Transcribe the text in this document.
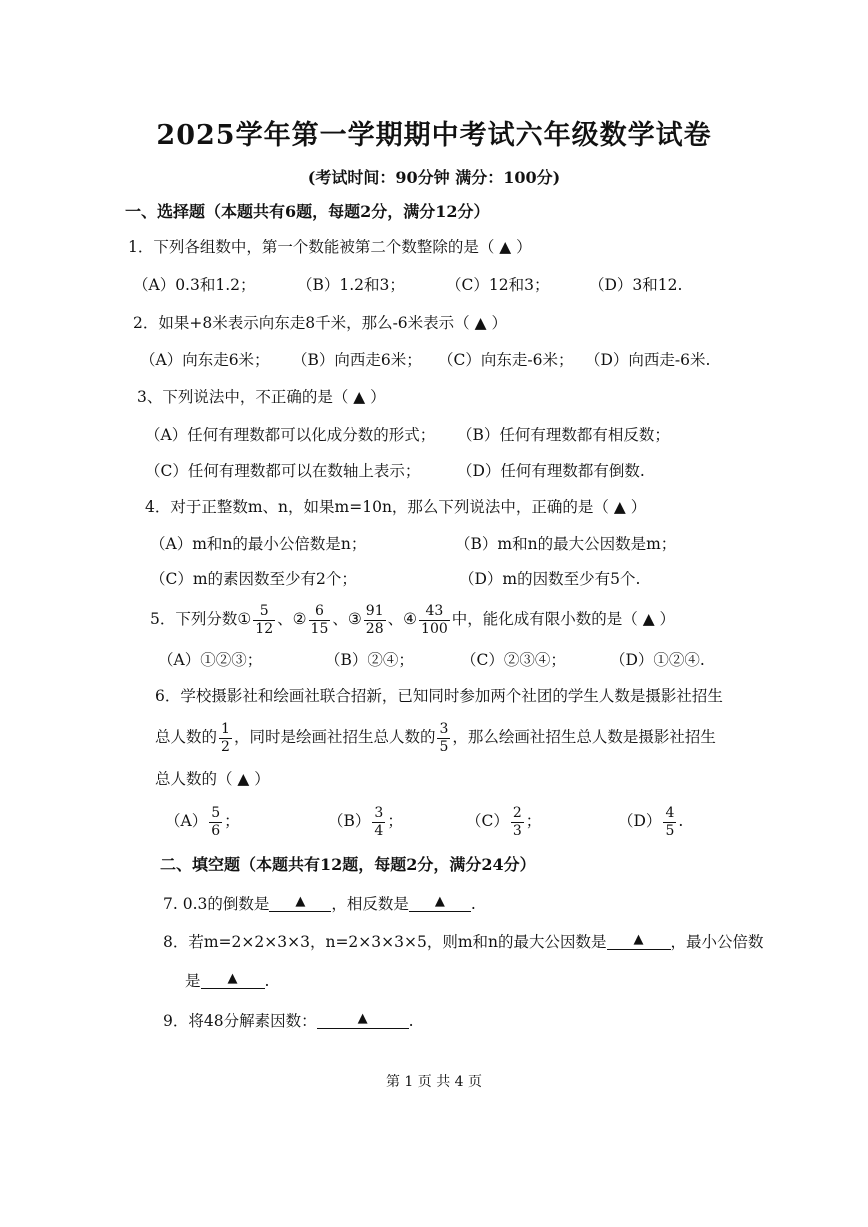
2025学年第一学期期中考试六年级数学试卷
(考试时间：90分钟 满分：100分)
一、选择题（本题共有6题，每题2分，满分12分）
1．下列各组数中，第一个数能被第二个数整除的是（ ▲ ）
（A）0.3和1.2；	（B）1.2和3；	（C）12和3；	（D）3和12.
2．如果+8米表示向东走8千米，那么-6米表示（ ▲ ）
（A）向东走6米； （B）向西走6米； （C）向东走-6米； （D）向西走-6米.
3、下列说法中，不正确的是（ ▲ ）
（A）任何有理数都可以化成分数的形式； （B）任何有理数都有相反数；
（C）任何有理数都可以在数轴上表示； （D）任何有理数都有倒数.
4．对于正整数m、n，如果m=10n，那么下列说法中，正确的是（ ▲ ）
（A）m和n的最小公倍数是n；	（B）m和n的最大公因数是m；
（C）m的素因数至少有2个；	（D）m的因数至少有5个.
5．下列分数 ① $\frac{5}{12}$ 、 ② $\frac{6}{15}$ 、 ③ $\frac{91}{28}$ 、 ④ $\frac{43}{100}$ 中，能化成有限小数的是（ ▲ ）
（A）①②③；	（B）②④；	（C）②③④；	（D）①②④.
6．学校摄影社和绘画社联合招新，已知同时参加两个社团的学生人数是摄影社招生
总人数的 $\frac{1}{2}$ ，同时是绘画社招生总人数的 $\frac{3}{5}$ ，那么绘画社招生总人数是摄影社招生
总人数的（ ▲ ）
$(A) \frac{5}{6}$ ；	$(B) \frac{3}{4}$ ；	$(C) \frac{2}{3}$ ；	$(D) \frac{4}{5}$ .
二、填空题（本题共有12题，每题2分，满分24分）
7. 0.3的倒数是	▲	，相反数是	▲	.
8．若m=2×2×3×3，n=2×3×3×5，则m和n的最大公因数是	▲	，最小公倍数
是	▲	.
9．将48分解素因数：	▲	.
第 1 页 共 4 页
